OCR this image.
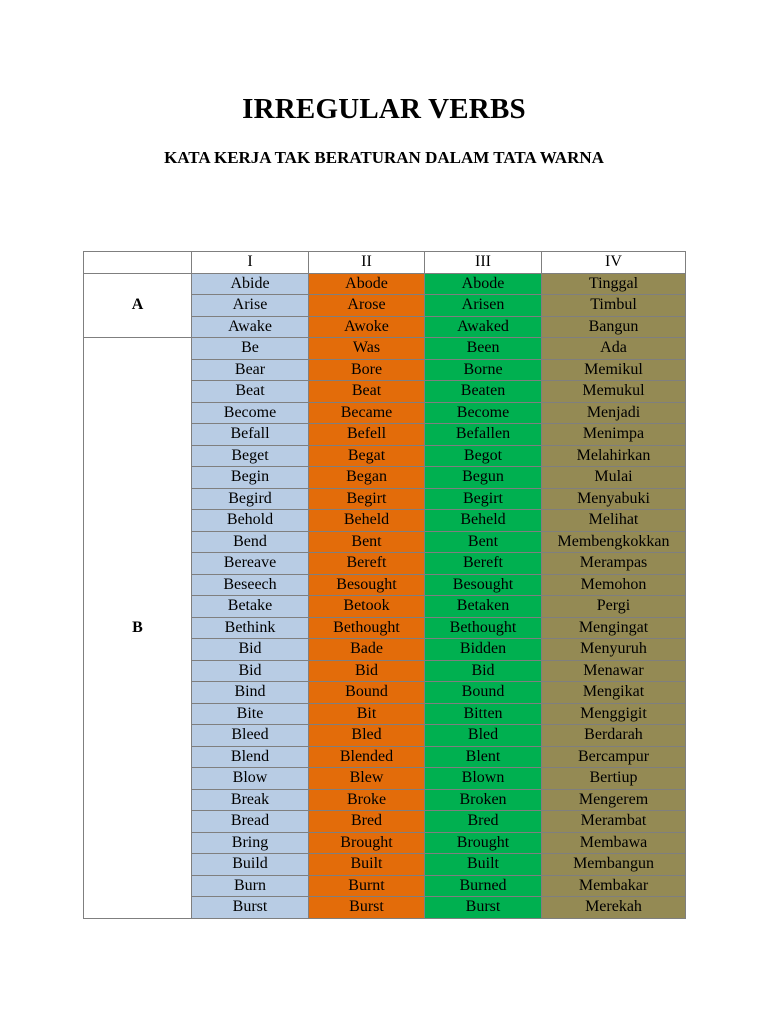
IRREGULAR VERBS
KATA KERJA TAK BERATURAN DALAM TATA WARNA
	I	II	III	IV
A	Abide	Abode	Abode	Tinggal
	Arise	Arose	Arisen	Timbul
	Awake	Awoke	Awaked	Bangun
B	Be	Was	Been	Ada
	Bear	Bore	Borne	Memikul
	Beat	Beat	Beaten	Memukul
	Become	Became	Become	Menjadi
	Befall	Befell	Befallen	Menimpa
	Beget	Begat	Begot	Melahirkan
	Begin	Began	Begun	Mulai
	Begird	Begirt	Begirt	Menyabuki
	Behold	Beheld	Beheld	Melihat
	Bend	Bent	Bent	Membengkokkan
	Bereave	Bereft	Bereft	Merampas
	Beseech	Besought	Besought	Memohon
	Betake	Betook	Betaken	Pergi
	Bethink	Bethought	Bethought	Mengingat
	Bid	Bade	Bidden	Menyuruh
	Bid	Bid	Bid	Menawar
	Bind	Bound	Bound	Mengikat
	Bite	Bit	Bitten	Menggigit
	Bleed	Bled	Bled	Berdarah
	Blend	Blended	Blent	Bercampur
	Blow	Blew	Blown	Bertiup
	Break	Broke	Broken	Mengerem
	Bread	Bred	Bred	Merambat
	Bring	Brought	Brought	Membawa
	Build	Built	Built	Membangun
	Burn	Burnt	Burned	Membakar
	Burst	Burst	Burst	Merekah
